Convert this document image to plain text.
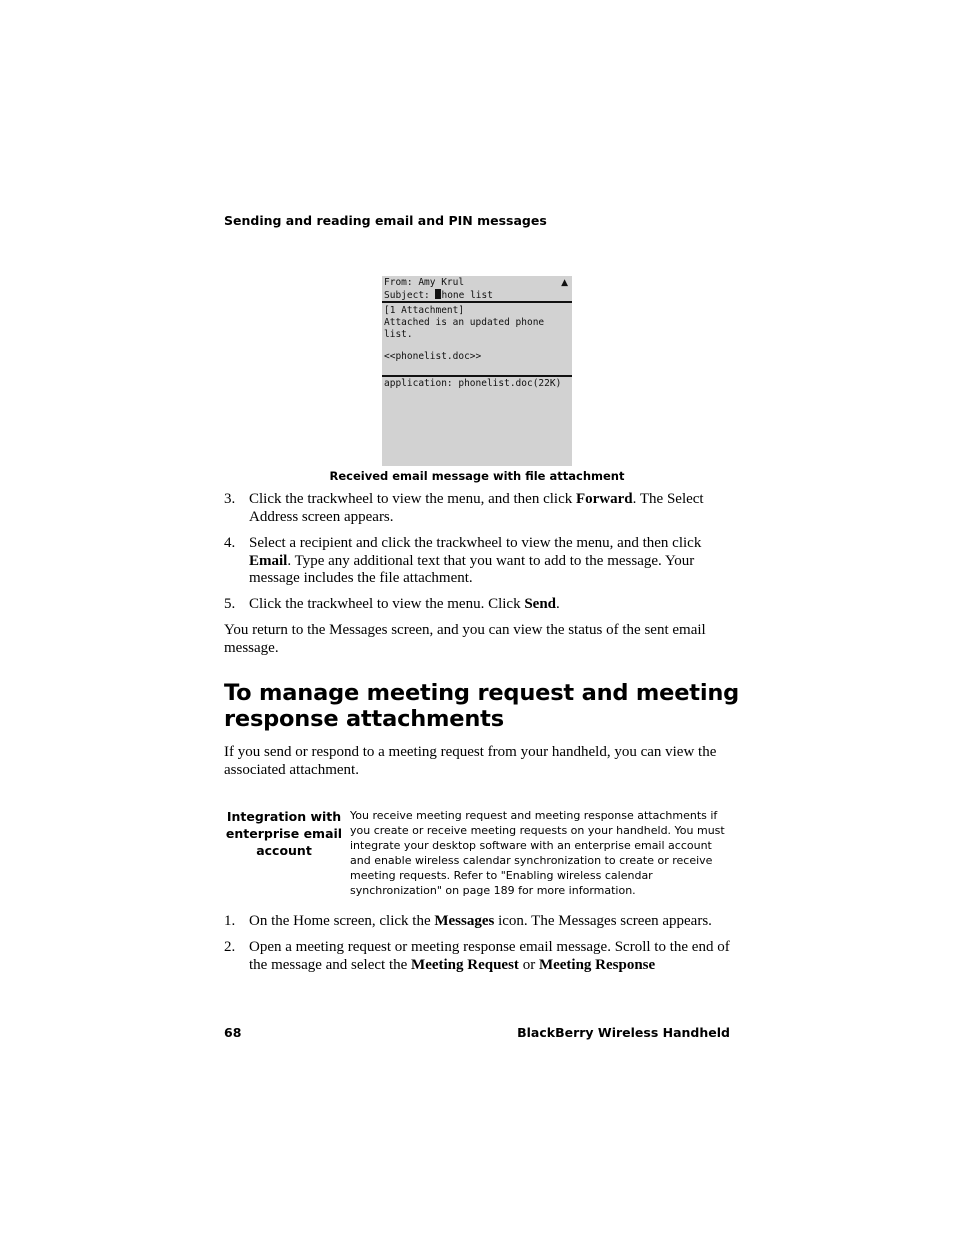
Sending and reading email and PIN messages
▲
From: Amy Krul
Subject: hone list
[1 Attachment]
Attached is an updated phone
list.
<<phonelist.doc>>
application: phonelist.doc(22K)
Received email message with file attachment
3. Click the trackwheel to view the menu, and then click Forward. The Select Address screen appears.
4. Select a recipient and click the trackwheel to view the menu, and then click Email. Type any additional text that you want to add to the message. Your message includes the file attachment.
5. Click the trackwheel to view the menu. Click Send.
You return to the Messages screen, and you can view the status of the sent email message.
To manage meeting request and meeting response attachments
If you send or respond to a meeting request from your handheld, you can view the associated attachment.
Integration with enterprise email account
You receive meeting request and meeting response attachments if you create or receive meeting requests on your handheld. You must integrate your desktop software with an enterprise email account and enable wireless calendar synchronization to create or receive meeting requests. Refer to "Enabling wireless calendar synchronization" on page 189 for more information.
1. On the Home screen, click the Messages icon. The Messages screen appears.
2. Open a meeting request or meeting response email message. Scroll to the end of the message and select the Meeting Request or Meeting Response
68	BlackBerry Wireless Handheld
